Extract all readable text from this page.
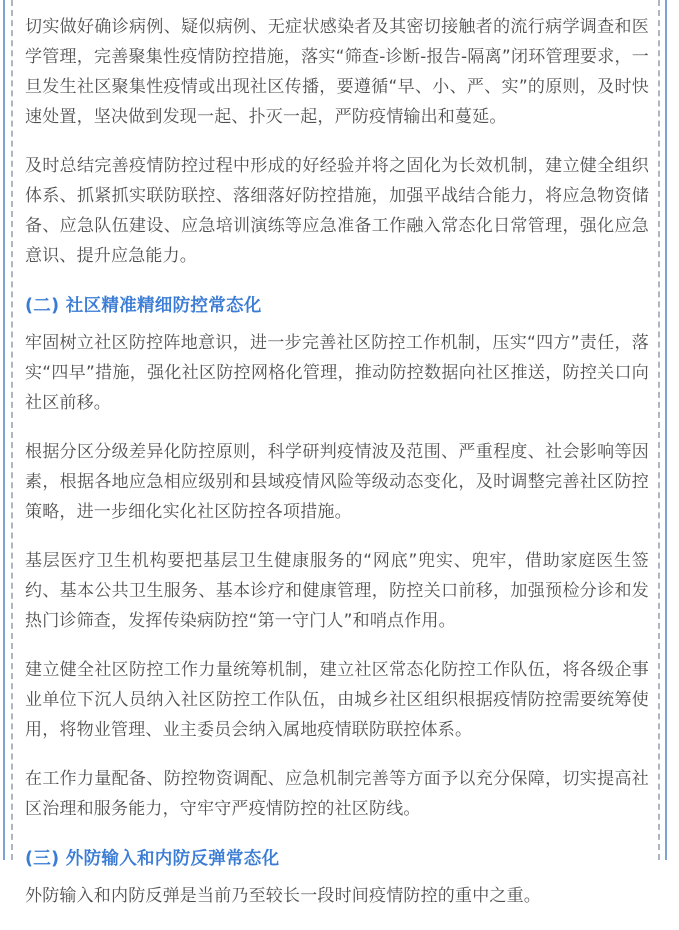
切实做好确诊病例、疑似病例、无症状感染者及其密切接触者的流行病学调查和医学管理，完善聚集性疫情防控措施，落实“筛查-诊断-报告-隔离”闭环管理要求，一旦发生社区聚集性疫情或出现社区传播，要遵循“早、小、严、实”的原则，及时快速处置，坚决做到发现一起、扑灭一起，严防疫情输出和蔓延。

及时总结完善疫情防控过程中形成的好经验并将之固化为长效机制，建立健全组织体系、抓紧抓实联防联控、落细落好防控措施，加强平战结合能力，将应急物资储备、应急队伍建设、应急培训演练等应急准备工作融入常态化日常管理，强化应急意识、提升应急能力。

(二) 社区精准精细防控常态化

牢固树立社区防控阵地意识，进一步完善社区防控工作机制，压实“四方”责任，落实“四早”措施，强化社区防控网格化管理，推动防控数据向社区推送，防控关口向社区前移。

根据分区分级差异化防控原则，科学研判疫情波及范围、严重程度、社会影响等因素，根据各地应急相应级别和县域疫情风险等级动态变化，及时调整完善社区防控策略，进一步细化实化社区防控各项措施。

基层医疗卫生机构要把基层卫生健康服务的“网底”兜实、兜牢，借助家庭医生签约、基本公共卫生服务、基本诊疗和健康管理，防控关口前移，加强预检分诊和发热门诊筛查，发挥传染病防控“第一守门人”和哨点作用。

建立健全社区防控工作力量统筹机制，建立社区常态化防控工作队伍，将各级企事业单位下沉人员纳入社区防控工作队伍，由城乡社区组织根据疫情防控需要统筹使用，将物业管理、业主委员会纳入属地疫情联防联控体系。

在工作力量配备、防控物资调配、应急机制完善等方面予以充分保障，切实提高社区治理和服务能力，守牢守严疫情防控的社区防线。

(三) 外防输入和内防反弹常态化

外防输入和内防反弹是当前乃至较长一段时间疫情防控的重中之重。
